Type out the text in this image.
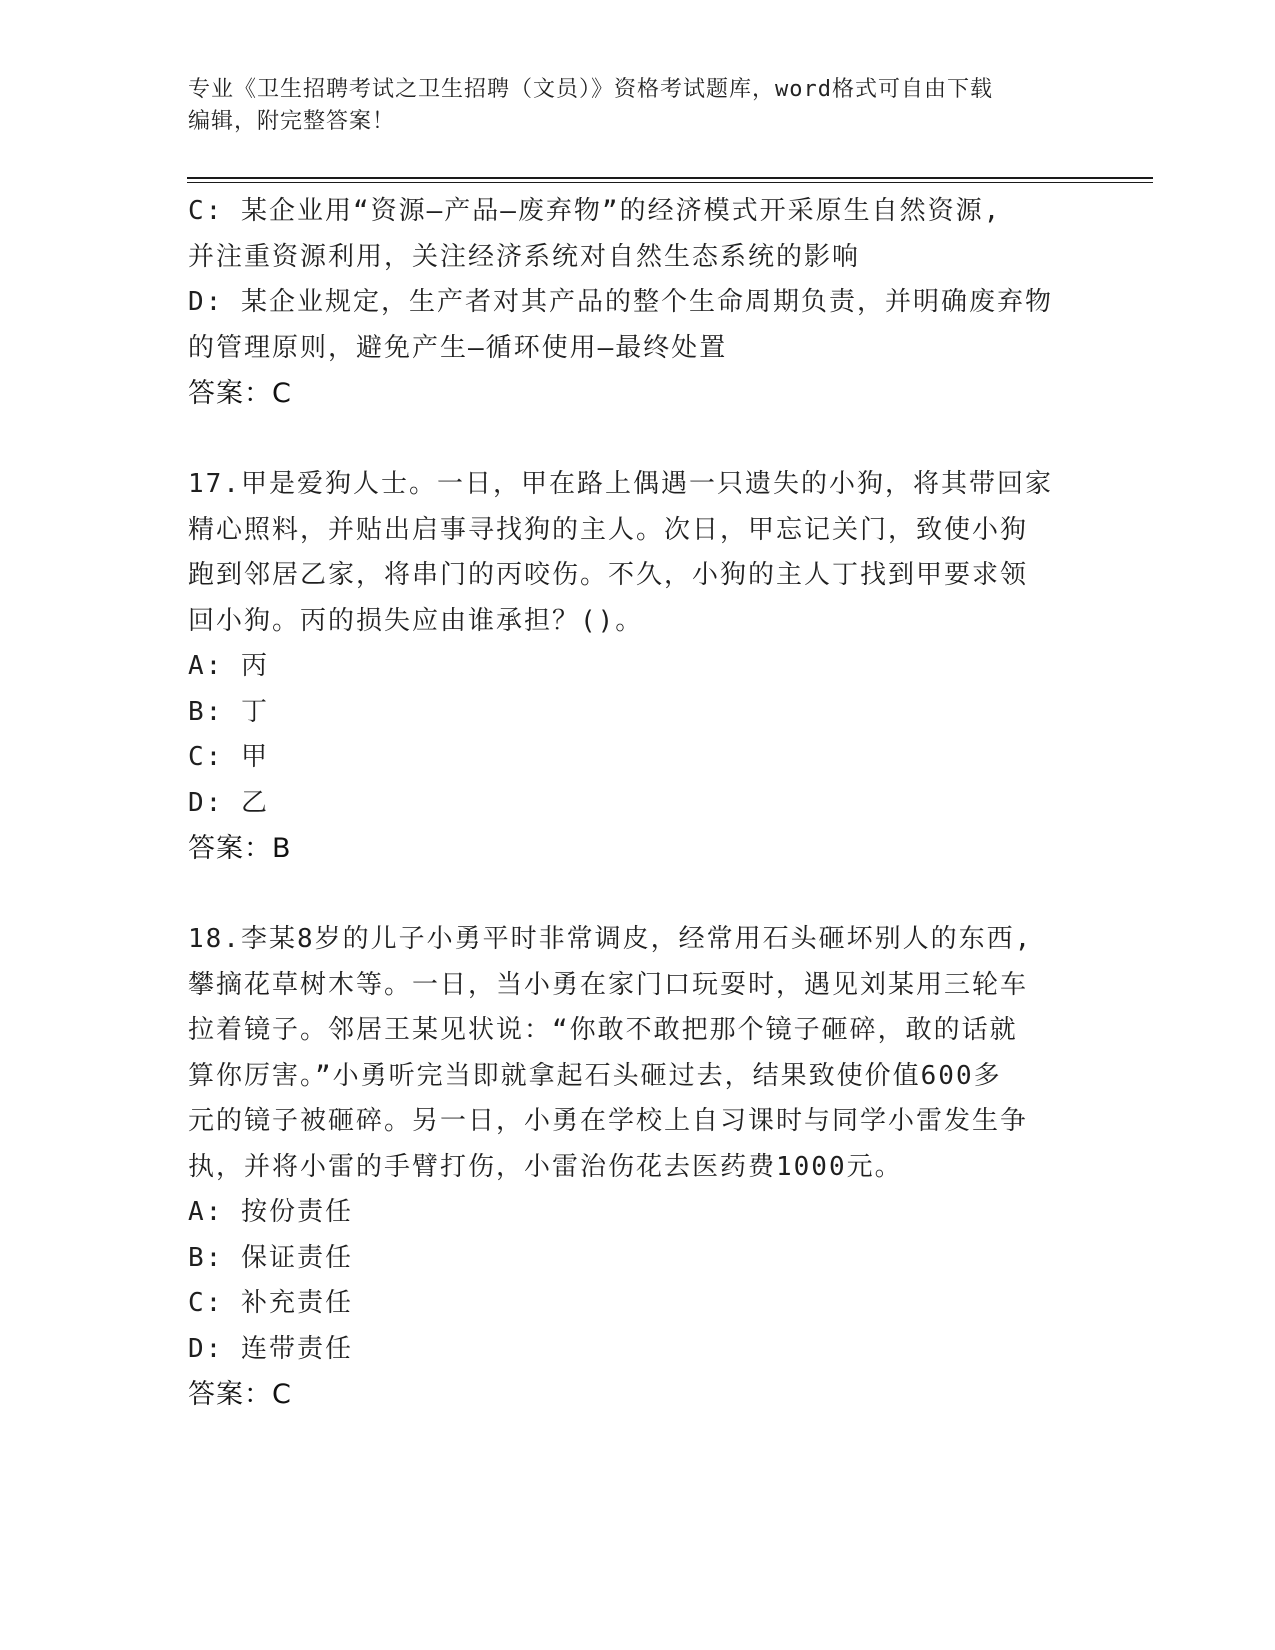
专业《卫生招聘考试之卫生招聘（文员）》资格考试题库，word格式可自由下载
编辑，附完整答案！
C: 某企业用“资源—产品—废弃物”的经济模式开采原生自然资源,
并注重资源利用，关注经济系统对自然生态系统的影响
D: 某企业规定，生产者对其产品的整个生命周期负责，并明确废弃物
的管理原则，避免产生—循环使用—最终处置
答案：C
17.甲是爱狗人士。一日，甲在路上偶遇一只遗失的小狗，将其带回家
精心照料，并贴出启事寻找狗的主人。次日，甲忘记关门，致使小狗
跑到邻居乙家，将串门的丙咬伤。不久，小狗的主人丁找到甲要求领
回小狗。丙的损失应由谁承担？()。
A: 丙
B: 丁
C: 甲
D: 乙
答案：B
18.李某8岁的儿子小勇平时非常调皮，经常用石头砸坏别人的东西,
攀摘花草树木等。一日，当小勇在家门口玩耍时，遇见刘某用三轮车
拉着镜子。邻居王某见状说：“你敢不敢把那个镜子砸碎，敢的话就
算你厉害。”小勇听完当即就拿起石头砸过去，结果致使价值600多
元的镜子被砸碎。另一日，小勇在学校上自习课时与同学小雷发生争
执，并将小雷的手臂打伤，小雷治伤花去医药费1000元。
A: 按份责任
B: 保证责任
C: 补充责任
D: 连带责任
答案：C
